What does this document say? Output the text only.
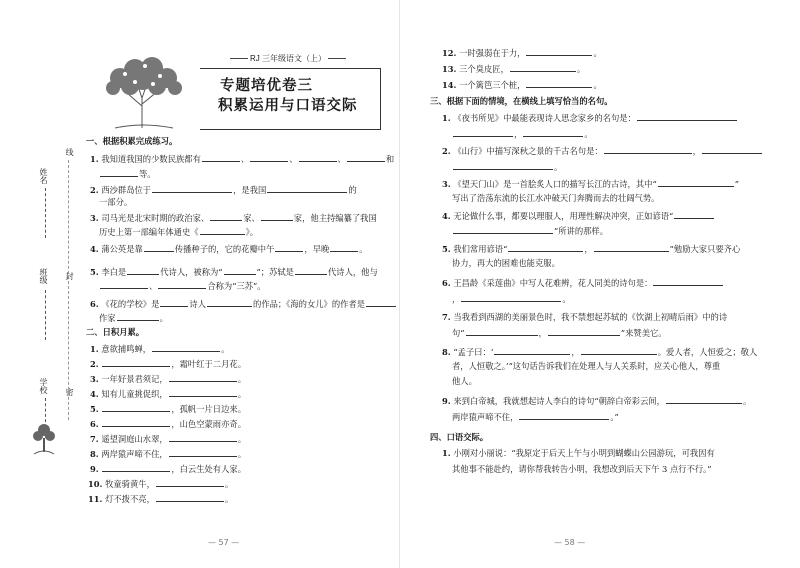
RJ 三年级语文（上）
专题培优卷三
积累运用与口语交际
姓名
线
班级 封
学校 密
一、根据积累完成练习。
1. 我知道我国的少数民族都有	、	、	、	和
等。
2. 西沙群岛位于	，是我国	的
一部分。
3. 司马光是北宋时期的政治家、	家、	家，他主持编纂了我国
历史上第一部编年体通史《	》。
4. 蒲公英是靠	传播种子的，它的花瓣中午	，早晚	。
5. 李白是	代诗人，被称为“	”；苏轼是	代诗人，他与
、	合称为“三苏”。
6. 《花的学校》是	诗人	的作品；《海的女儿》的作者是
作家	。
二、日积月累。
1. 意欲捕鸣蝉，	。
2.	，霜叶红于二月花。
3. 一年好景君须记，	。
4. 知有儿童挑促织，	。
5.	，孤帆一片日边来。
6.	，山色空蒙雨亦奇。
7. 遥望洞庭山水翠，	。
8. 两岸猿声啼不住，	。
9.	，白云生处有人家。
10. 牧童骑黄牛，	。
11. 灯不拨不亮，	。
— 57 —
12. 一时强弱在于力，	。
13. 三个臭皮匠，	。
14. 一个篱笆三个桩，	。
三、根据下面的情境，在横线上填写恰当的名句。
1. 《夜书所见》中最能表现诗人思念家乡的名句是：
，	。
2. 《山行》中描写深秋之景的千古名句是：	，
。
3. 《望天门山》是一首脍炙人口的描写长江的古诗，其中“	”
写出了浩荡东流的长江水冲破天门奔腾而去的壮阔气势。
4. 无论做什么事，都要以理服人，用理性解决冲突，正如谚语“
”所讲的那样。
5. 我们常用谚语“	，	”勉励大家只要齐心
协力，再大的困难也能克服。
6. 王昌龄《采莲曲》中写人花难辨，花人同美的诗句是：
，	。
7. 当我看到西湖的美丽景色时，我不禁想起苏轼的《饮湖上初晴后雨》中的诗
句“	，	”来赞美它。
8. “孟子曰：‘	，	。爱人者，人恒爱之；敬人
者，人恒敬之。’”这句话告诉我们在处理人与人关系时，应关心他人，尊重
他人。
9. 来到白帝城，我就想起诗人李白的诗句“朝辞白帝彩云间，	。
两岸猿声啼不住，	。”
四、口语交际。
1. 小刚对小丽说：“我原定于后天上午与小明到蝴蝶山公园游玩，可我因有
其他事不能赴约，请你帮我转告小明，我想改到后天下午 3 点行不行。”
— 58 —
